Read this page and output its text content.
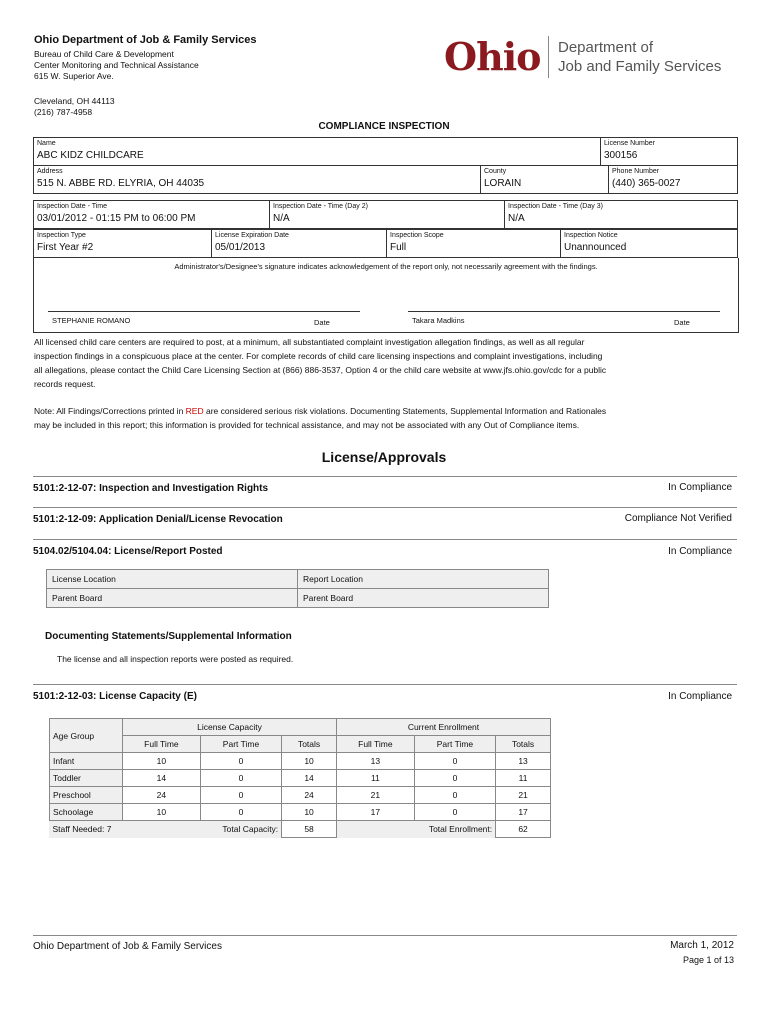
Ohio Department of Job & Family Services
Bureau of Child Care & Development
Center Monitoring and Technical Assistance
615 W. Superior Ave.
Cleveland, OH 44113
(216) 787-4958
Ohio Department of
Job and Family Services
COMPLIANCE INSPECTION
Name
ABC KIDZ CHILDCARE

License Number
300156
Address
515 N. ABBE RD. ELYRIA, OH 44035

County
LORAIN

Phone Number
(440) 365-0027
Inspection Date - Time
03/01/2012 - 01:15 PM to 06:00 PM

Inspection Date - Time (Day 2)
N/A

Inspection Date - Time (Day 3)
N/A
Inspection Type
First Year #2

License Expiration Date
05/01/2013

Inspection Scope
Full

Inspection Notice
Unannounced
Administrator's/Designee's signature indicates acknowledgement of the report only, not necessarily agreement with the findings.
STEPHANIE ROMANO	Date	Takara Madkins	Date
All licensed child care centers are required to post, at a minimum, all substantiated complaint investigation allegation findings, as well as all regular
inspection findings in a conspicuous place at the center. For complete records of child care licensing inspections and complaint investigations, including
all allegations, please contact the Child Care Licensing Section at (866) 886-3537, Option 4 or the child care website at www.jfs.ohio.gov/cdc for a public
records request.
Note: All Findings/Corrections printed in RED are considered serious risk violations. Documenting Statements, Supplemental Information and Rationales
may be included in this report; this information is provided for technical assistance, and may not be associated with any Out of Compliance items.
License/Approvals
5101:2-12-07: Inspection and Investigation Rights	In Compliance
5101:2-12-09: Application Denial/License Revocation	Compliance Not Verified
5104.02/5104.04: License/Report Posted	In Compliance
License Location	Report Location
Parent Board	Parent Board
Documenting Statements/Supplemental Information
The license and all inspection reports were posted as required.
5101:2-12-03: License Capacity (E)	In Compliance
Age Group	License Capacity			Current Enrollment		
	Full Time	Part Time	Totals	Full Time	Part Time	Totals
Infant	10	0	10	13	0	13
Toddler	14	0	14	11	0	11
Preschool	24	0	24	21	0	21
Schoolage	10	0	10	17	0	17
Staff Needed: 7	Total Capacity:		58	Total Enrollment:		62
Ohio Department of Job & Family Services	March 1, 2012
Page 1 of 13
